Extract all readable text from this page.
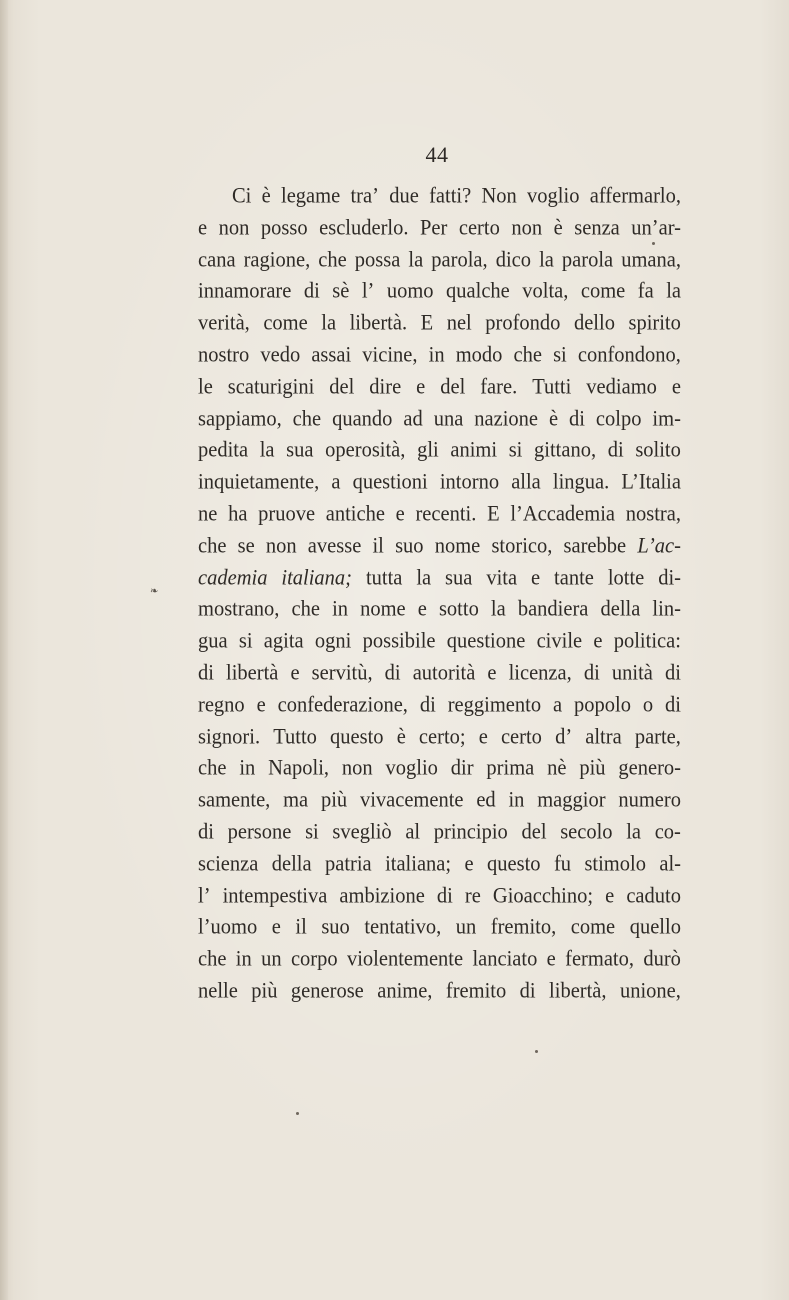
44
Ci è legame tra’ due fatti? Non voglio affermarlo,
e non posso escluderlo. Per certo non è senza un’ar-
cana ragione, che possa la parola, dico la parola umana,
innamorare di sè l’ uomo qualche volta, come fa la
verità, come la libertà. E nel profondo dello spirito
nostro vedo assai vicine, in modo che si confondono,
le scaturigini del dire e del fare. Tutti vediamo e
sappiamo, che quando ad una nazione è di colpo im-
pedita la sua operosità, gli animi si gittano, di solito
inquietamente, a questioni intorno alla lingua. L’Italia
ne ha pruove antiche e recenti. E l’Accademia nostra,
che se non avesse il suo nome storico, sarebbe L’ac-
cademia italiana; tutta la sua vita e tante lotte di-
mostrano, che in nome e sotto la bandiera della lin-
gua si agita ogni possibile questione civile e politica:
di libertà e servitù, di autorità e licenza, di unità di
regno e confederazione, di reggimento a popolo o di
signori. Tutto questo è certo; e certo d’ altra parte,
che in Napoli, non voglio dir prima nè più genero-
samente, ma più vivacemente ed in maggior numero
di persone si svegliò al principio del secolo la co-
scienza della patria italiana; e questo fu stimolo al-
l’ intempestiva ambizione di re Gioacchino; e caduto
l’uomo e il suo tentativo, un fremito, come quello
che in un corpo violentemente lanciato e fermato, durò
nelle più generose anime, fremito di libertà, unione,
❧
